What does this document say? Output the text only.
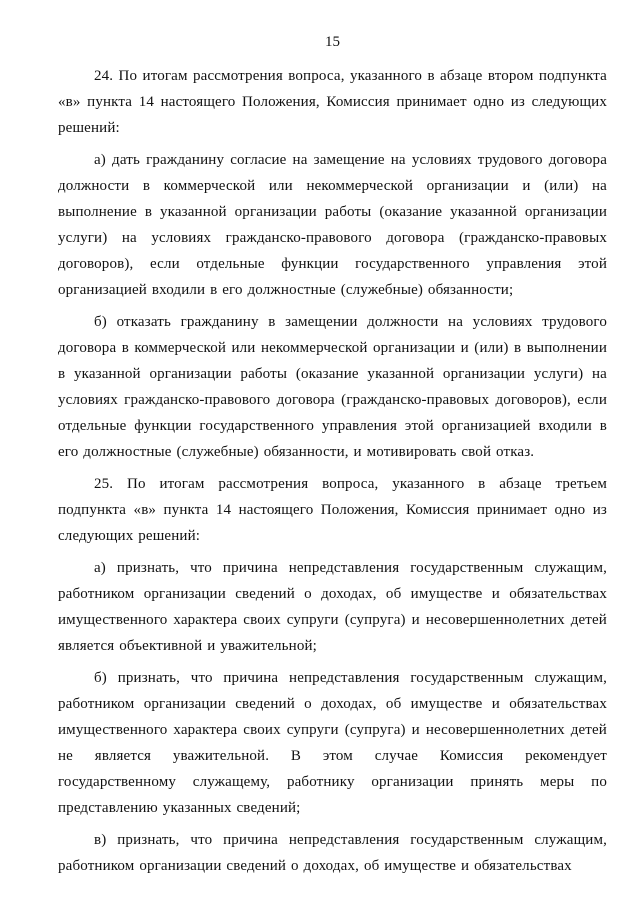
15

24. По итогам рассмотрения вопроса, указанного в абзаце втором подпункта «в» пункта 14 настоящего Положения, Комиссия принимает одно из следующих решений:

а) дать гражданину согласие на замещение на условиях трудового договора должности в коммерческой или некоммерческой организации и (или) на выполнение в указанной организации работы (оказание указанной организации услуги) на условиях гражданско-правового договора (гражданско-правовых договоров), если отдельные функции государственного управления этой организацией входили в его должностные (служебные) обязанности;

б) отказать гражданину в замещении должности на условиях трудового договора в коммерческой или некоммерческой организации и (или) в выполнении в указанной организации работы (оказание указанной организации услуги) на условиях гражданско-правового договора (гражданско-правовых договоров), если отдельные функции государственного управления этой организацией входили в его должностные (служебные) обязанности, и мотивировать свой отказ.

25. По итогам рассмотрения вопроса, указанного в абзаце третьем подпункта «в» пункта 14 настоящего Положения, Комиссия принимает одно из следующих решений:

а) признать, что причина непредставления государственным служащим, работником организации сведений о доходах, об имуществе и обязательствах имущественного характера своих супруги (супруга) и несовершеннолетних детей является объективной и уважительной;

б) признать, что причина непредставления государственным служащим, работником организации сведений о доходах, об имуществе и обязательствах имущественного характера своих супруги (супруга) и несовершеннолетних детей не является уважительной. В этом случае Комиссия рекомендует государственному служащему, работнику организации принять меры по представлению указанных сведений;

в) признать, что причина непредставления государственным служащим, работником организации сведений о доходах, об имуществе и обязательствах
